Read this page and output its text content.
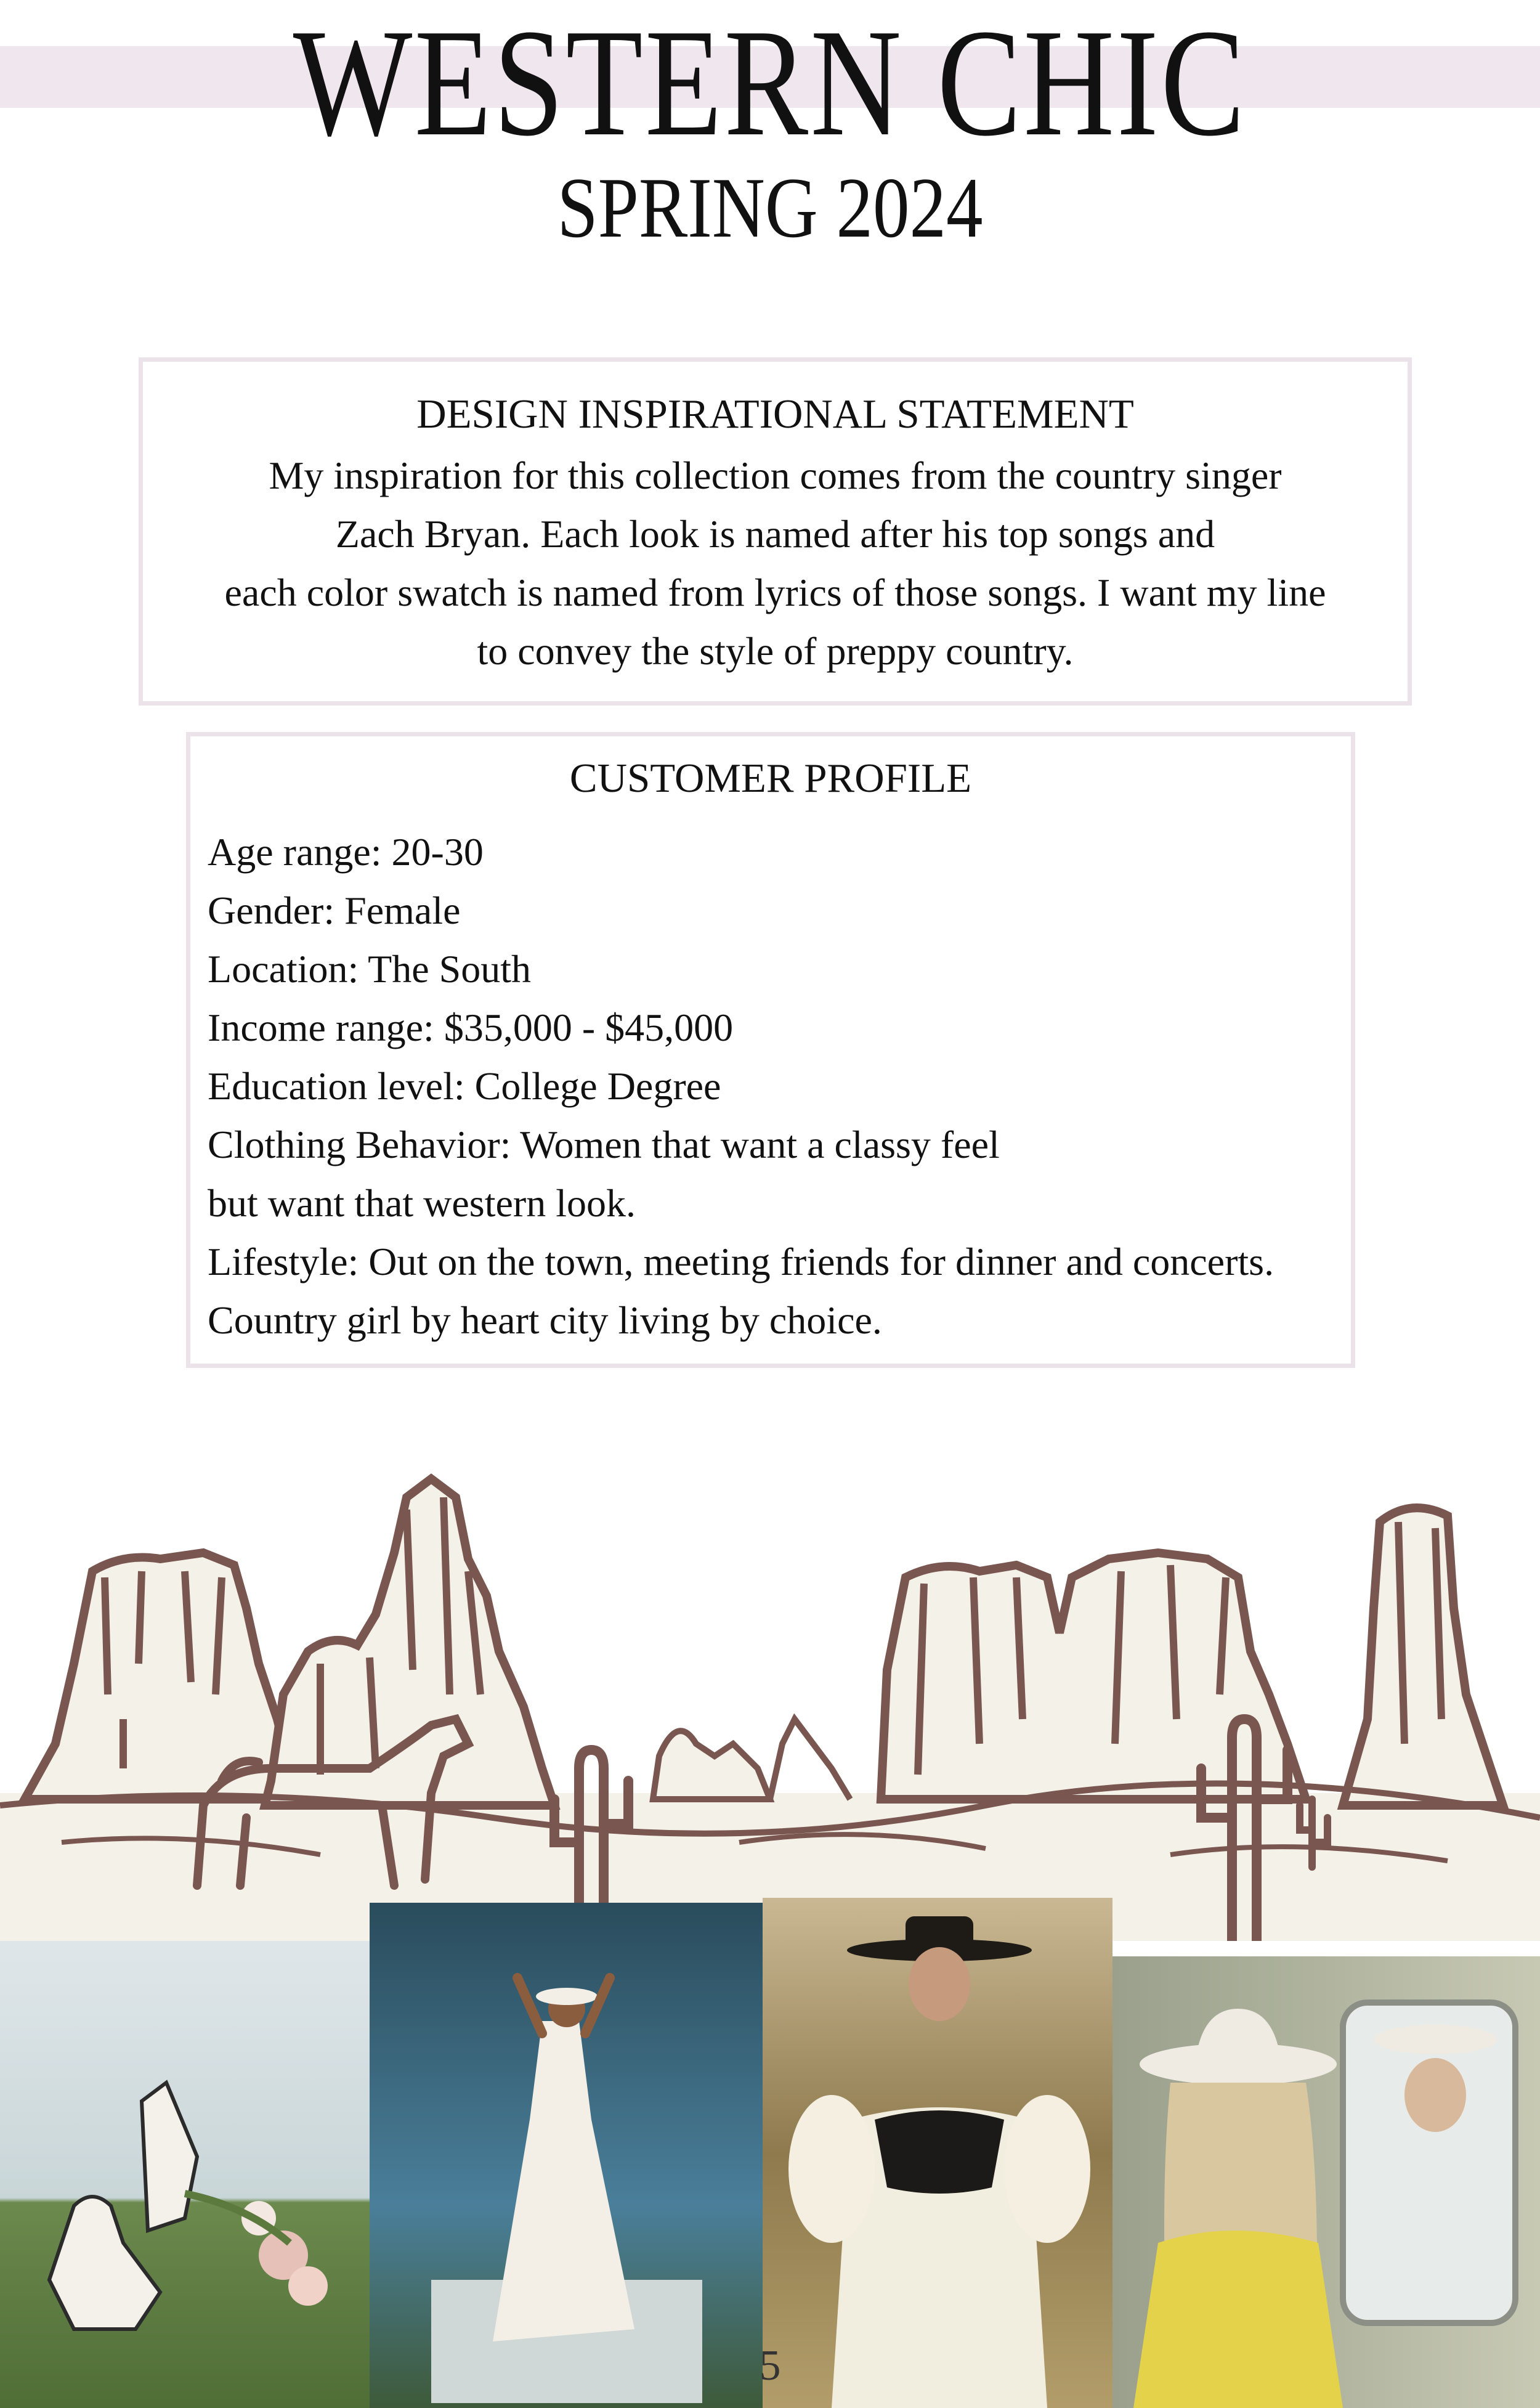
WESTERN CHIC
SPRING 2024
DESIGN INSPIRATIONAL STATEMENT
My inspiration for this collection comes from the country singer
Zach Bryan. Each look is named after his top songs and
each color swatch is named from lyrics of those songs. I want my line
to convey the style of preppy country.
CUSTOMER PROFILE
Age range: 20-30
Gender: Female
Location: The South
Income range: $35,000 - $45,000
Education level: College Degree
Clothing Behavior: Women that want a classy feel
but want that western look.
Lifestyle: Out on the town, meeting friends for dinner and concerts.
Country girl by heart city living by choice.
5
